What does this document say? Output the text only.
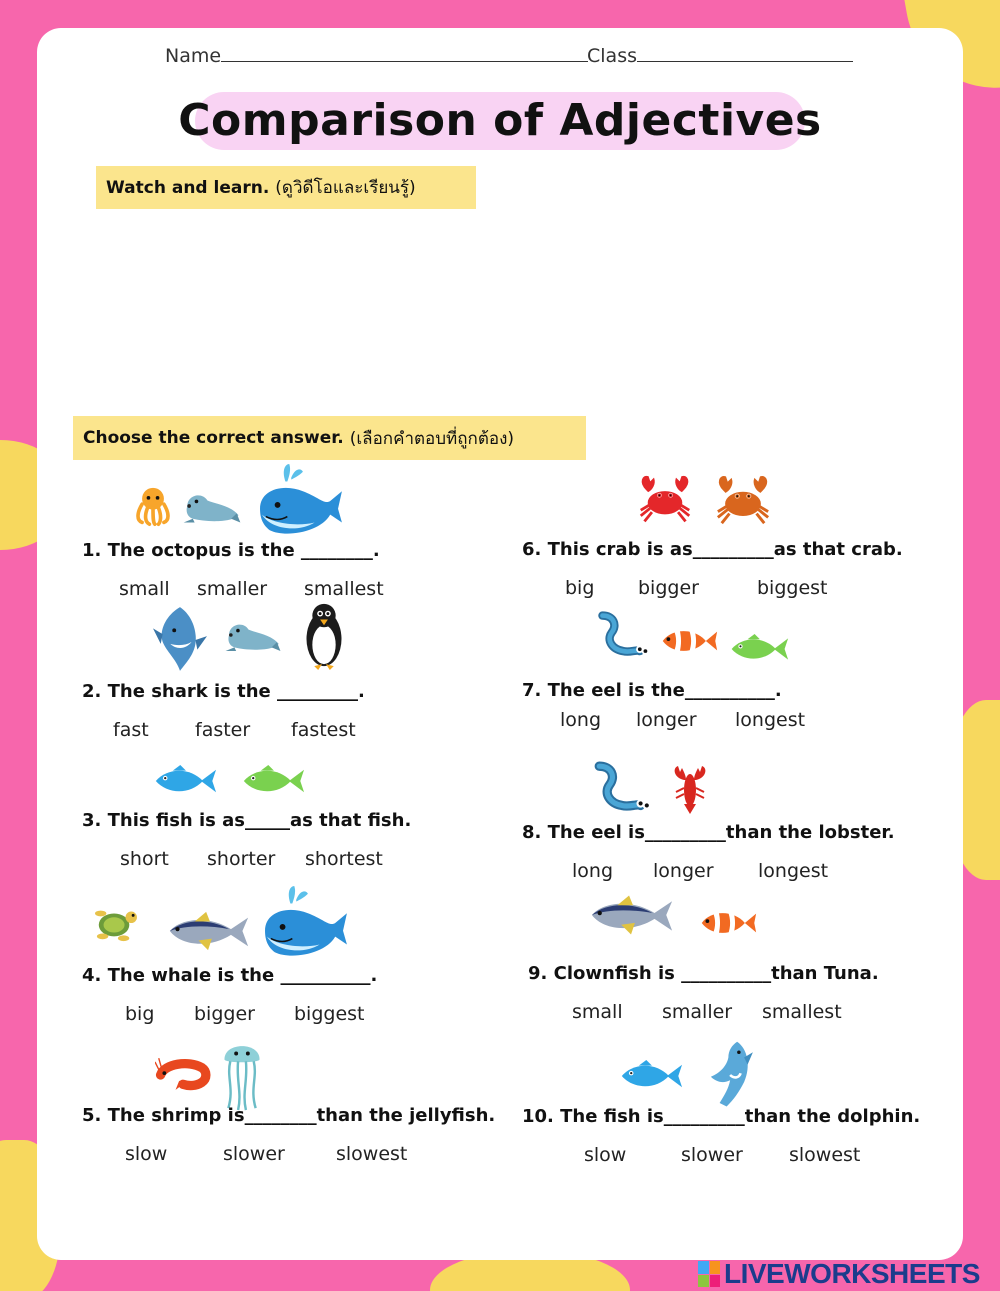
Name	Class
Comparison of Adjectives
Watch and learn. (ดูวิดีโอและเรียนรู้)
Choose the correct answer. (เลือกคำตอบที่ถูกต้อง)
1. The octopus is the ________.
small smaller smallest
2. The shark is the _________.
fast faster fastest
3. This fish is as_____as that fish.
short shorter shortest
4. The whale is the __________.
big bigger biggest
5. The shrimp is________than the jellyfish.
slow	slower	slowest
6. This crab is as_________as that crab.
big bigger	biggest
7. The eel is the__________.
long longer longest
8. The eel is_________than the lobster.
long longer longest
9. Clownfish is __________than Tuna.
small smaller smallest
10. The fish is_________than the dolphin.
slow	slower slowest
LIVEWORKSHEETS
